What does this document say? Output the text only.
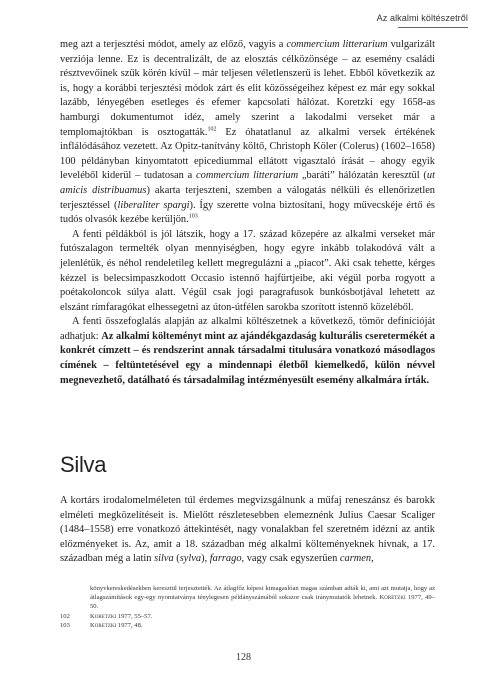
Az alkalmi költészetről

meg azt a terjesztési módot, amely az előző, vagyis a commercium litterarium vulgarizált verziója lenne. Ez is decentralizált, de az elosztás célközönsége – az esemény családi résztvevőinek szűk körén kívül – már teljesen véletlenszerű is lehet. Ebből következik az is, hogy a korábbi terjesztési módok zárt és elit közösségeihez képest ez már egy sokkal lazább, lényegében esetleges és efemer kapcsolati hálózat. Koretzki egy 1658-as hamburgi dokumentumot idéz, amely szerint a lakodalmi verseket már a templomajtókban is osztogatták.$^{102}$ Ez óhatatlanul az alkalmi versek értékének inflálódásához vezetett. Az Opitz-tanítvány költő, Christoph Köler (Colerus) (1602–1658) 100 példányban kinyomtatott epicediummal ellátott vigasztaló írását – ahogy egyik leveléből kiderül – tudatosan a commercium litterarium „baráti” hálózatán keresztül (ut amicis distribuamus) akarta terjeszteni, szemben a válogatás nélküli és ellenőrizetlen terjesztéssel (liberaliter spargi). Így szerette volna biztosítani, hogy művecskéje értő és tudós olvasók kezébe kerüljön.$^{103}$

A fenti példákból is jól látszik, hogy a 17. század közepére az alkalmi verseket már futószalagon termelték olyan mennyiségben, hogy egyre inkább tolakodóvá vált a jelenlétük, és néhol rendeletileg kellett megregulázni a „piacot”. Aki csak tehette, kérges kézzel is belecsimpaszkodott Occasio istennő hajfürtjeibe, aki végül porba rogyott a poétakoloncok súlya alatt. Végül csak jogi paragrafusok bunkósbotjával lehetett az elszánt rímfaragókat elhessegetni az úton-útfélen sarokba szorított istennő közeléből.

A fenti összefoglalás alapján az alkalmi költészetnek a következő, tömör definícióját adhatjuk: Az alkalmi költeményt mint az ajándékgazdaság kulturális cseretermékét a konkrét címzett – és rendszerint annak társadalmi titulusára vonatkozó másodlagos címének – feltüntetésével egy a mindennapi életből kiemelkedő, külön névvel megnevezhető, datálható és társadalmilag intézményesült esemény alkalmára írták.

Silva

A kortárs irodalomelméleten túl érdemes megvizsgálnunk a műfaj reneszánsz és barokk elméleti megközelítéseit is. Mielőtt részletesebben elemeznénk Julius Caesar Scaliger (1484–1558) erre vonatkozó áttekintését, nagy vonalakban fel szeretném idézni az antik előzményeket is. Az, amit a 18. században még alkalmi költeményeknek hívnak, a 17. században még a latin silva (sylva), farrago, vagy csak egyszerűen carmen,

könyvkereskedésekben keresztül terjesztették. Az átlagfőz képest kimagaslóan magas számban adták ki, ami azt mutatja, hogy az átlagszámítások egy-egy nyomtatványa ténylegesen példányszámából sokszor csak iránymutatók lehetnek. Koretzki 1977, 49–50.
102	Koretzki 1977, 55–57.
103	Koretzki 1977, 48.
128
